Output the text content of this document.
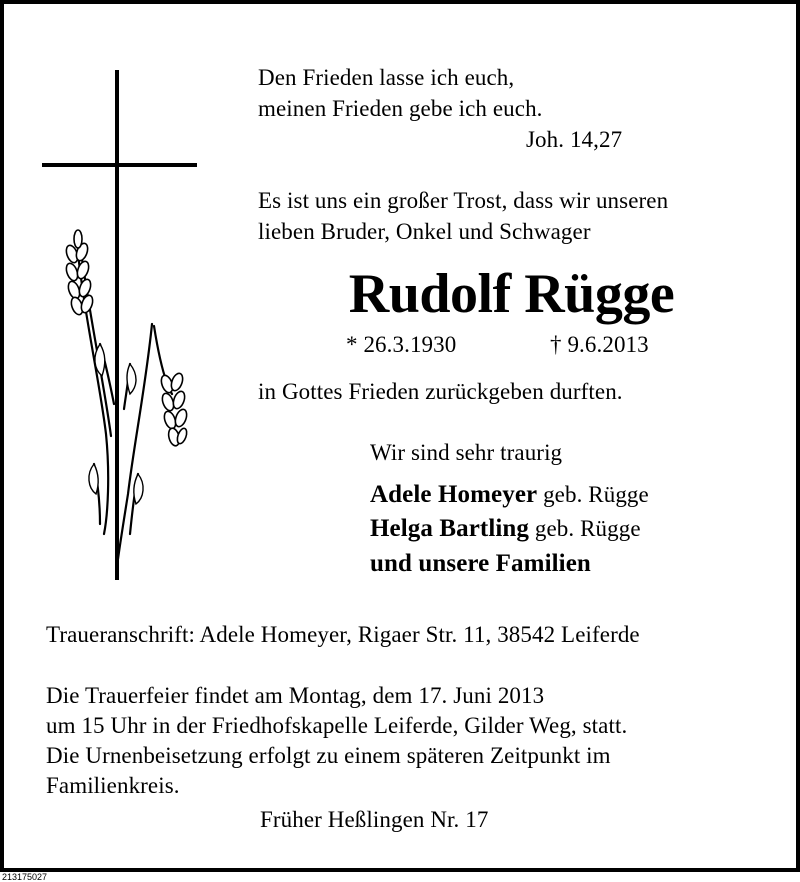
Den Frieden lasse ich euch,
meinen Frieden gebe ich euch.
Joh. 14,27
Es ist uns ein großer Trost, dass wir unseren
lieben Bruder, Onkel und Schwager
Rudolf Rügge
* 26.3.1930	† 9.6.2013
in Gottes Frieden zurückgeben durften.
Wir sind sehr traurig
Adele Homeyer geb. Rügge
Helga Bartling geb. Rügge
und unsere Familien
Traueranschrift: Adele Homeyer, Rigaer Str. 11, 38542 Leiferde
Die Trauerfeier findet am Montag, dem 17. Juni 2013
um 15 Uhr in der Friedhofskapelle Leiferde, Gilder Weg, statt.
Die Urnenbeisetzung erfolgt zu einem späteren Zeitpunkt im
Familienkreis.
Früher Heßlingen Nr. 17
213175027
